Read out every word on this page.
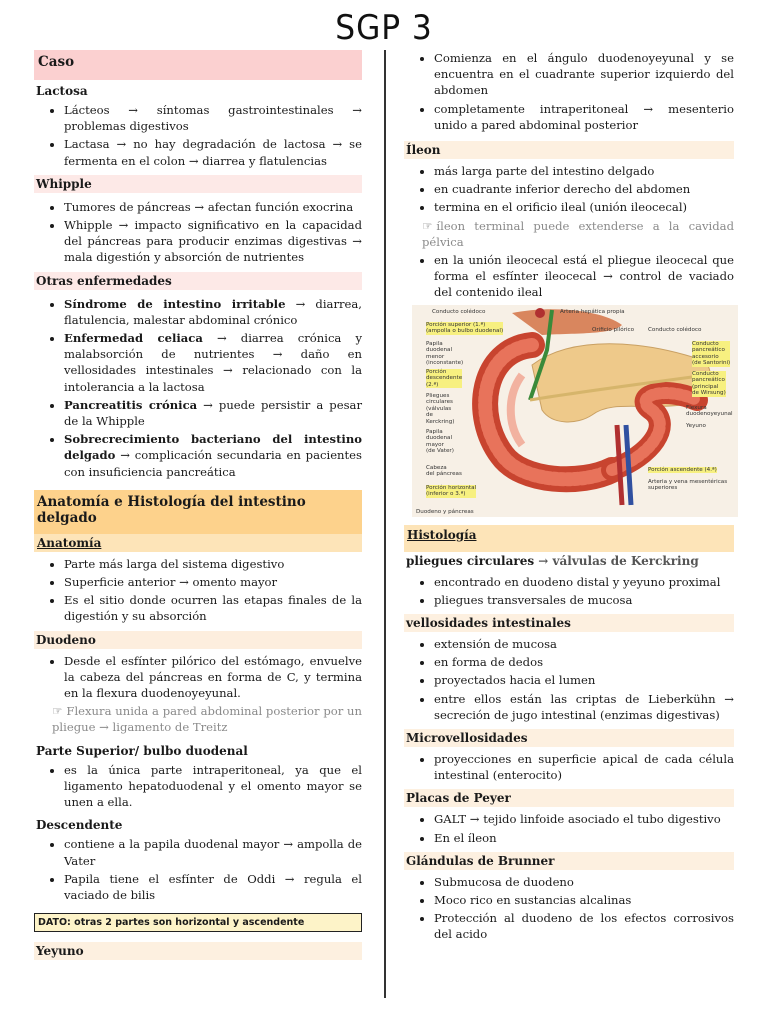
SGP 3
Caso
Lactosa
• Lácteos → síntomas gastrointestinales → problemas digestivos
• Lactasa → no hay degradación de lactosa → se fermenta en el colon → diarrea y flatulencias
Whipple
• Tumores de páncreas → afectan función exocrina
• Whipple → impacto significativo en la capacidad del páncreas para producir enzimas digestivas → mala digestión y absorción de nutrientes
Otras enfermedades
• Síndrome de intestino irritable → diarrea, flatulencia, malestar abdominal crónico
• Enfermedad celiaca → diarrea crónica y malabsorción de nutrientes → daño en vellosidades intestinales → relacionado con la intolerancia a la lactosa
• Pancreatitis crónica → puede persistir a pesar de la Whipple
• Sobrecrecimiento bacteriano del intestino delgado → complicación secundaria en pacientes con insuficiencia pancreática
Anatomía e Histología del intestino delgado
Anatomía
• Parte más larga del sistema digestivo
• Superficie anterior → omento mayor
• Es el sitio donde ocurren las etapas finales de la digestión y su absorción
Duodeno
• Desde el esfínter pilórico del estómago, envuelve la cabeza del páncreas en forma de C, y termina en la flexura duodenoyeyunal.
☞ Flexura unida a pared abdominal posterior por un pliegue → ligamento de Treitz
Parte Superior/ bulbo duodenal
• es la única parte intraperitoneal, ya que el ligamento hepatoduodenal y el omento mayor se unen a ella.
Descendente
• contiene a la papila duodenal mayor → ampolla de Vater
• Papila tiene el esfínter de Oddi → regula el vaciado de bilis
DATO: otras 2 partes son horizontal y ascendente
Yeyuno
• Comienza en el ángulo duodenoyeyunal y se encuentra en el cuadrante superior izquierdo del abdomen
• completamente intraperitoneal → mesenterio unido a pared abdominal posterior
Íleon
• más larga parte del intestino delgado
• en cuadrante inferior derecho del abdomen
• termina en el orificio ileal (unión ileocecal)
☞ íleon terminal puede extenderse a la cavidad pélvica
• en la unión ileocecal está el pliegue ileocecal que forma el esfínter ileocecal → control de vaciado del contenido ileal
Conducto colédoco	Arteria hepática propia
Porción superior (1.ª)
(ampolla o bulbo duodenal)
Papila
duodenal
menor
(inconstante)
Porción
descendente
(2.ª)
Pliegues
circulares
(válvulas
de
Kerckring)
Papila
duodenal
mayor
(de Vater)
Cabeza
del páncreas
Porción horizontal
(inferior o 3.ª)
Orificio pilórico Conducto colédoco
Conducto
pancreático
accesorio
(de Santorini)
Conducto
pancreático
(principal
de Wirsung)
Flexura
duodenoyeyunal
Yeyuno
Porción ascendente (4.ª)
Arteria y vena mesentéricas
superiores
Duodeno y páncreas
Histología
pliegues circulares → válvulas de Kerckring
• encontrado en duodeno distal y yeyuno proximal
• pliegues transversales de mucosa
vellosidades intestinales
• extensión de mucosa
• en forma de dedos
• proyectados hacia el lumen
• entre ellos están las criptas de Lieberkühn → secreción de jugo intestinal (enzimas digestivas)
Microvellosidades
• proyecciones en superficie apical de cada célula intestinal (enterocito)
Placas de Peyer
• GALT → tejido linfoide asociado el tubo digestivo
• En el íleon
Glándulas de Brunner
• Submucosa de duodeno
• Moco rico en sustancias alcalinas
• Protección al duodeno de los efectos corrosivos del acido
